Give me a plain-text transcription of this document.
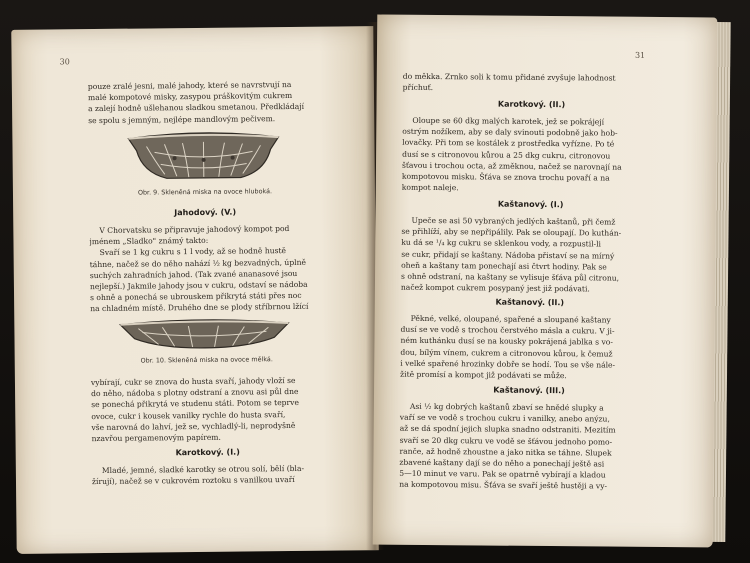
30
pouze zralé jesni, malé jahody, které se navrstvují na
malé kompotové misky, zasypou práškovitým cukrem
a zalejí hodně ušlehanou sladkou smetanou. Předkládají
se spolu s jemným, nejlépe mandlovým pečivem.
Obr. 9. Skleněná miska na ovoce hluboká.
Jahodový. (V.)
V Chorvatsku se připravuje jahodový kompot pod
jménem „Sladko" známý takto:
Svaří se 1 kg cukru s 1 l vody, až se hodně hustě
táhne, načež se do něho nahází ½ kg bezvadných, úplně
suchých zahradních jahod. (Tak zvané ananasové jsou
nejlepší.) Jakmile jahody jsou v cukru, odstaví se nádoba
s ohně a ponechá se ubrouskem přikrytá státi přes noc
na chladném místě. Druhého dne se plody stříbrnou lžící
Obr. 10. Skleněná miska na ovoce mělká.
vybírají, cukr se znova do husta svaří, jahody vloží se
do něho, nádoba s plotny odstraní a znovu asi půl dne
se ponechá přikrytá ve studenu státi. Potom se teprve
ovoce, cukr i kousek vanilky rychle do husta svaří,
vše narovná do lahví, jež se, vychladlý-li, neprodyšně
nzavřou pergamenovým papírem.
Karotkový. (I.)
Mladé, jemné, sladké karotky se otrou solí, bělí (bla-
žírují), načež se v cukrovém roztoku s vanilkou uvaří
31
do měkka. Zrnko soli k tomu přidané zvyšuje lahodnost
příchuť.
Karotkový. (II.)
Oloupe se 60 dkg malých karotek, jež se pokrájejí
ostrým nožíkem, aby se daly svinouti podobně jako hob-
lovačky. Při tom se kostálek z prostředka vyřízne. Po té
dusí se s citronovou kůrou a 25 dkg cukru, citronovou
šťavou i trochou octa, až změknou, načež se narovnají na
kompotovou misku. Šťáva se znova trochu povaří a na
kompot naleje.
Kaštanový. (I.)
Upeče se asi 50 vybraných jedlých kaštanů, při čemž
se přihlíží, aby se nepřipálily. Pak se oloupají. Do kuthán-
ku dá se ¹/₄ kg cukru se sklenkou vody, a rozpustil-li
se cukr, přidají se kaštany. Nádoba přistaví se na mírný
oheň a kaštany tam ponechají asi čtvrt hodiny. Pak se
s ohně odstraní, na kaštany se vylisuje šťáva půl citronu,
načež kompot cukrem posypaný jest již podávati.
Kaštanový. (II.)
Pěkné, velké, oloupané, spařené a sloupané kaštany
dusí se ve vodě s trochou čerstvého másla a cukru. V ji-
ném kuthánku dusí se na kousky pokrájená jablka s vo-
dou, bílým vínem, cukrem a citronovou kůrou, k čemuž
i velké spařené hrozinky dobře se hodí. Tou se vše nále-
žitě promísí a kompot již podávati se může.
Kaštanový. (III.)
Asi ½ kg dobrých kaštanů zbaví se hnědé slupky a
vaří se ve vodě s trochou cukru i vanilky, anebo anýzu,
až se dá spodní jejich slupka snadno odstraniti. Mezitím
svaří se 20 dkg cukru ve vodě se šťávou jednoho pomo-
ranče, až hodně zhoustne a jako nitka se táhne. Slupek
zbavené kaštany dají se do něho a ponechají ještě asi
5—10 minut ve varu. Pak se opatrně vybírají a kladou
na kompotovou misu. Šťáva se svaří ještě hustěji a vy-
